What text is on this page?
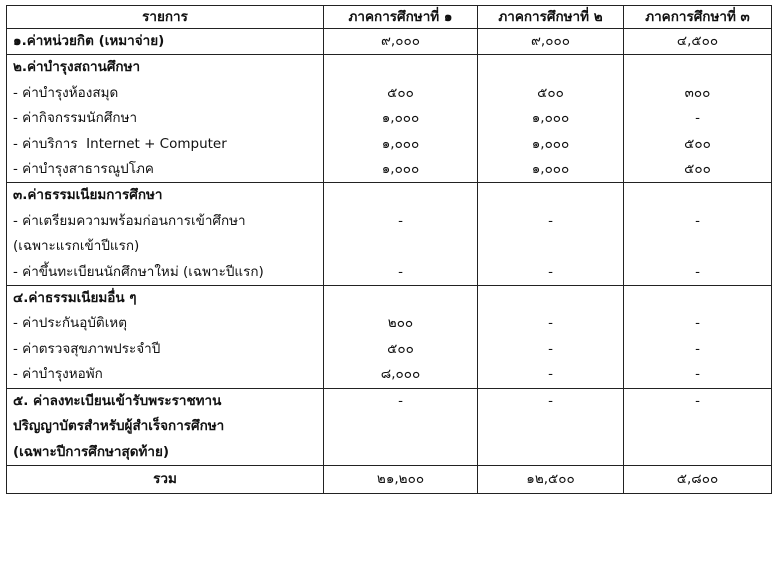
รายการ	ภาคการศึกษาที่ ๑	ภาคการศึกษาที่ ๒	ภาคการศึกษาที่ ๓
๑.ค่าหน่วยกิต (เหมาจ่าย)	๙,๐๐๐	๙,๐๐๐	๔,๕๐๐
๒.ค่าบำรุงสถานศึกษา			
- ค่าบำรุงห้องสมุด	๕๐๐	๕๐๐	๓๐๐
- ค่ากิจกรรมนักศึกษา	๑,๐๐๐	๑,๐๐๐	-
- ค่าบริการ  Internet + Computer	๑,๐๐๐	๑,๐๐๐	๕๐๐
- ค่าบำรุงสาธารณูปโภค	๑,๐๐๐	๑,๐๐๐	๕๐๐
๓.ค่าธรรมเนียมการศึกษา			
- ค่าเตรียมความพร้อมก่อนการเข้าศึกษา	-	-	-
(เฉพาะแรกเข้าปีแรก)			
- ค่าขึ้นทะเบียนนักศึกษาใหม่ (เฉพาะปีแรก)	-	-	-
๔.ค่าธรรมเนียมอื่น ๆ			
- ค่าประกันอุบัติเหตุ	๒๐๐	-	-
- ค่าตรวจสุขภาพประจำปี	๕๐๐	-	-
- ค่าบำรุงหอพัก	๘,๐๐๐	-	-
๕. ค่าลงทะเบียนเข้ารับพระราชทาน	-	-	-
ปริญญาบัตรสำหรับผู้สำเร็จการศึกษา			
(เฉพาะปีการศึกษาสุดท้าย)			
รวม	๒๑,๒๐๐	๑๒,๕๐๐	๕,๘๐๐
